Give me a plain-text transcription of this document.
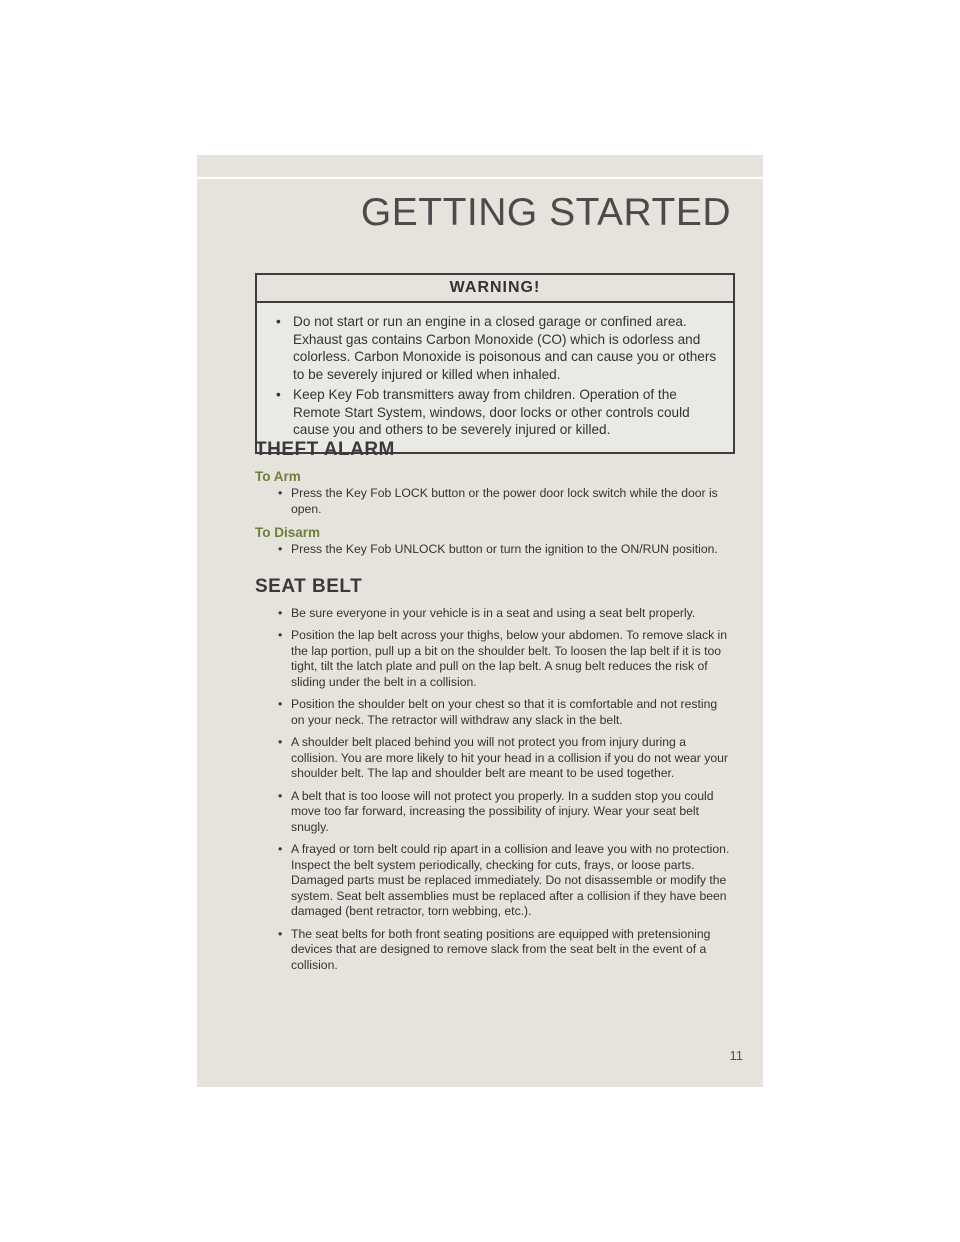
GETTING STARTED
WARNING!
• Do not start or run an engine in a closed garage or confined area. Exhaust gas contains Carbon Monoxide (CO) which is odorless and colorless. Carbon Monoxide is poisonous and can cause you or others to be severely injured or killed when inhaled.
• Keep Key Fob transmitters away from children. Operation of the Remote Start System, windows, door locks or other controls could cause you and others to be severely injured or killed.
THEFT ALARM
To Arm
• Press the Key Fob LOCK button or the power door lock switch while the door is open.
To Disarm
• Press the Key Fob UNLOCK button or turn the ignition to the ON/RUN position.
SEAT BELT
• Be sure everyone in your vehicle is in a seat and using a seat belt properly.
• Position the lap belt across your thighs, below your abdomen. To remove slack in the lap portion, pull up a bit on the shoulder belt. To loosen the lap belt if it is too tight, tilt the latch plate and pull on the lap belt. A snug belt reduces the risk of sliding under the belt in a collision.
• Position the shoulder belt on your chest so that it is comfortable and not resting on your neck. The retractor will withdraw any slack in the belt.
• A shoulder belt placed behind you will not protect you from injury during a collision. You are more likely to hit your head in a collision if you do not wear your shoulder belt. The lap and shoulder belt are meant to be used together.
• A belt that is too loose will not protect you properly. In a sudden stop you could move too far forward, increasing the possibility of injury. Wear your seat belt snugly.
• A frayed or torn belt could rip apart in a collision and leave you with no protection. Inspect the belt system periodically, checking for cuts, frays, or loose parts. Damaged parts must be replaced immediately. Do not disassemble or modify the system. Seat belt assemblies must be replaced after a collision if they have been damaged (bent retractor, torn webbing, etc.).
• The seat belts for both front seating positions are equipped with pretensioning devices that are designed to remove slack from the seat belt in the event of a collision.
11
